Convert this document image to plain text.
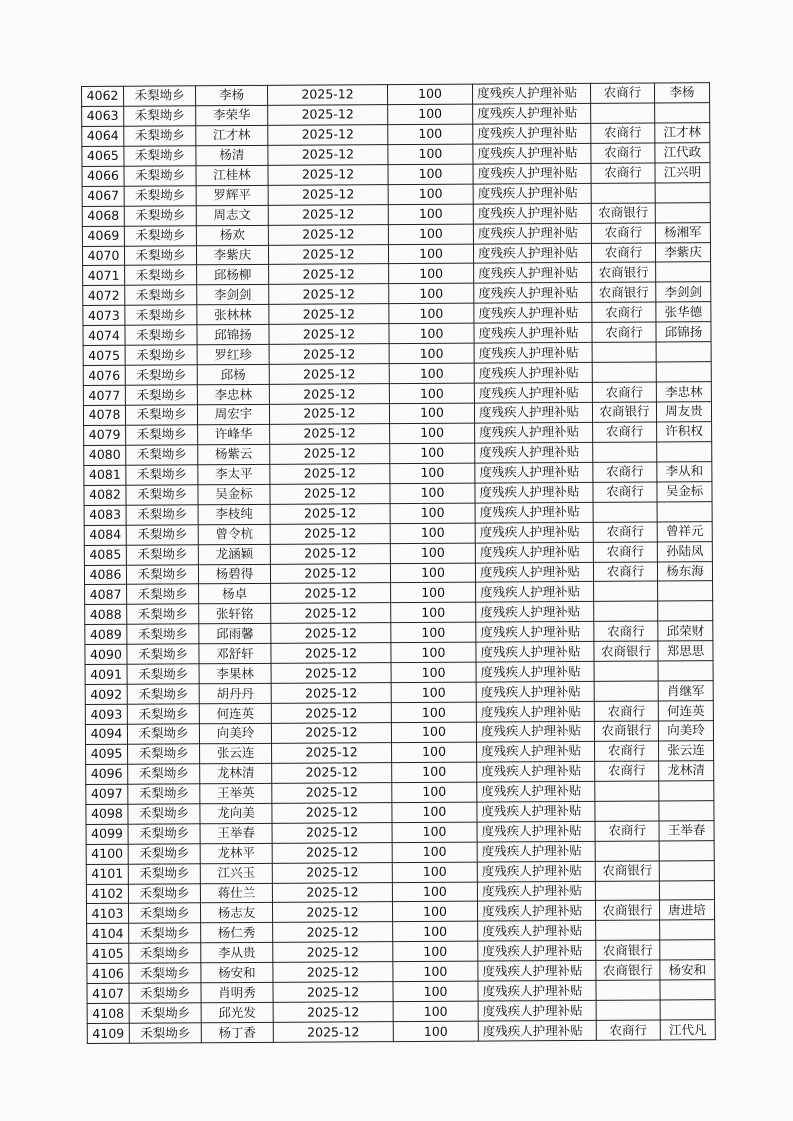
4062	禾梨坳乡	李杨	2025-12	100	度残疾人护理补贴	农商行	李杨
4063	禾梨坳乡	李荣华	2025-12	100	度残疾人护理补贴		
4064	禾梨坳乡	江才林	2025-12	100	度残疾人护理补贴	农商行	江才林
4065	禾梨坳乡	杨清	2025-12	100	度残疾人护理补贴	农商行	江代政
4066	禾梨坳乡	江桂林	2025-12	100	度残疾人护理补贴	农商行	江兴明
4067	禾梨坳乡	罗辉平	2025-12	100	度残疾人护理补贴		
4068	禾梨坳乡	周志文	2025-12	100	度残疾人护理补贴	农商银行	
4069	禾梨坳乡	杨欢	2025-12	100	度残疾人护理补贴	农商行	杨湘军
4070	禾梨坳乡	李紫庆	2025-12	100	度残疾人护理补贴	农商行	李紫庆
4071	禾梨坳乡	邱杨柳	2025-12	100	度残疾人护理补贴	农商银行	
4072	禾梨坳乡	李剑剑	2025-12	100	度残疾人护理补贴	农商银行	李剑剑
4073	禾梨坳乡	张林林	2025-12	100	度残疾人护理补贴	农商行	张华德
4074	禾梨坳乡	邱锦扬	2025-12	100	度残疾人护理补贴	农商行	邱锦扬
4075	禾梨坳乡	罗红珍	2025-12	100	度残疾人护理补贴		
4076	禾梨坳乡	邱杨	2025-12	100	度残疾人护理补贴		
4077	禾梨坳乡	李忠林	2025-12	100	度残疾人护理补贴	农商行	李忠林
4078	禾梨坳乡	周宏宇	2025-12	100	度残疾人护理补贴	农商银行	周友贵
4079	禾梨坳乡	许峰华	2025-12	100	度残疾人护理补贴	农商行	许积权
4080	禾梨坳乡	杨紫云	2025-12	100	度残疾人护理补贴		
4081	禾梨坳乡	李太平	2025-12	100	度残疾人护理补贴	农商行	李从和
4082	禾梨坳乡	吴金标	2025-12	100	度残疾人护理补贴	农商行	吴金标
4083	禾梨坳乡	李枝纯	2025-12	100	度残疾人护理补贴		
4084	禾梨坳乡	曾令杭	2025-12	100	度残疾人护理补贴	农商行	曾祥元
4085	禾梨坳乡	龙涵颖	2025-12	100	度残疾人护理补贴	农商行	孙陆凤
4086	禾梨坳乡	杨碧得	2025-12	100	度残疾人护理补贴	农商行	杨东海
4087	禾梨坳乡	杨卓	2025-12	100	度残疾人护理补贴		
4088	禾梨坳乡	张轩铭	2025-12	100	度残疾人护理补贴		
4089	禾梨坳乡	邱雨馨	2025-12	100	度残疾人护理补贴	农商行	邱荣财
4090	禾梨坳乡	邓舒轩	2025-12	100	度残疾人护理补贴	农商银行	郑思思
4091	禾梨坳乡	李果林	2025-12	100	度残疾人护理补贴		
4092	禾梨坳乡	胡丹丹	2025-12	100	度残疾人护理补贴		肖继军
4093	禾梨坳乡	何连英	2025-12	100	度残疾人护理补贴	农商行	何连英
4094	禾梨坳乡	向美玲	2025-12	100	度残疾人护理补贴	农商银行	向美玲
4095	禾梨坳乡	张云连	2025-12	100	度残疾人护理补贴	农商行	张云连
4096	禾梨坳乡	龙林清	2025-12	100	度残疾人护理补贴	农商行	龙林清
4097	禾梨坳乡	王举英	2025-12	100	度残疾人护理补贴		
4098	禾梨坳乡	龙向美	2025-12	100	度残疾人护理补贴		
4099	禾梨坳乡	王举春	2025-12	100	度残疾人护理补贴	农商行	王举春
4100	禾梨坳乡	龙林平	2025-12	100	度残疾人护理补贴		
4101	禾梨坳乡	江兴玉	2025-12	100	度残疾人护理补贴	农商银行	
4102	禾梨坳乡	蒋仕兰	2025-12	100	度残疾人护理补贴		
4103	禾梨坳乡	杨志友	2025-12	100	度残疾人护理补贴	农商银行	唐进培
4104	禾梨坳乡	杨仁秀	2025-12	100	度残疾人护理补贴		
4105	禾梨坳乡	李从贵	2025-12	100	度残疾人护理补贴	农商银行	
4106	禾梨坳乡	杨安和	2025-12	100	度残疾人护理补贴	农商银行	杨安和
4107	禾梨坳乡	肖明秀	2025-12	100	度残疾人护理补贴		
4108	禾梨坳乡	邱光发	2025-12	100	度残疾人护理补贴		
4109	禾梨坳乡	杨丁香	2025-12	100	度残疾人护理补贴	农商行	江代凡
